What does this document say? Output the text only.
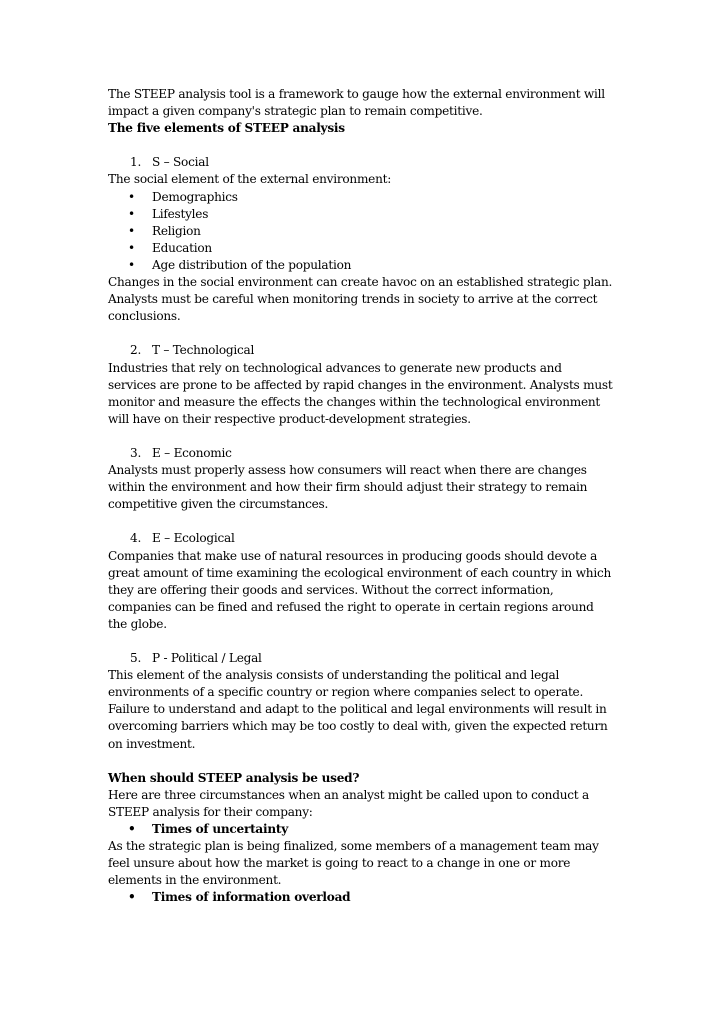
The STEEP analysis tool is a framework to gauge how the external environment will impact a given company's strategic plan to remain competitive.

The five elements of STEEP analysis

1. S – Social

The social element of the external environment:

• Demographics

• Lifestyles

• Religion

• Education

• Age distribution of the population

Changes in the social environment can create havoc on an established strategic plan. Analysts must be careful when monitoring trends in society to arrive at the correct conclusions.

2. T – Technological

Industries that rely on technological advances to generate new products and services are prone to be affected by rapid changes in the environment. Analysts must monitor and measure the effects the changes within the technological environment will have on their respective product-development strategies.

3. E – Economic

Analysts must properly assess how consumers will react when there are changes within the environment and how their firm should adjust their strategy to remain competitive given the circumstances.

4. E – Ecological

Companies that make use of natural resources in producing goods should devote a great amount of time examining the ecological environment of each country in which they are offering their goods and services. Without the correct information, companies can be fined and refused the right to operate in certain regions around the globe.

5. P - Political / Legal

This element of the analysis consists of understanding the political and legal environments of a specific country or region where companies select to operate. Failure to understand and adapt to the political and legal environments will result in overcoming barriers which may be too costly to deal with, given the expected return on investment.

When should STEEP analysis be used?

Here are three circumstances when an analyst might be called upon to conduct a STEEP analysis for their company:

• Times of uncertainty

As the strategic plan is being finalized, some members of a management team may feel unsure about how the market is going to react to a change in one or more elements in the environment.

• Times of information overload
